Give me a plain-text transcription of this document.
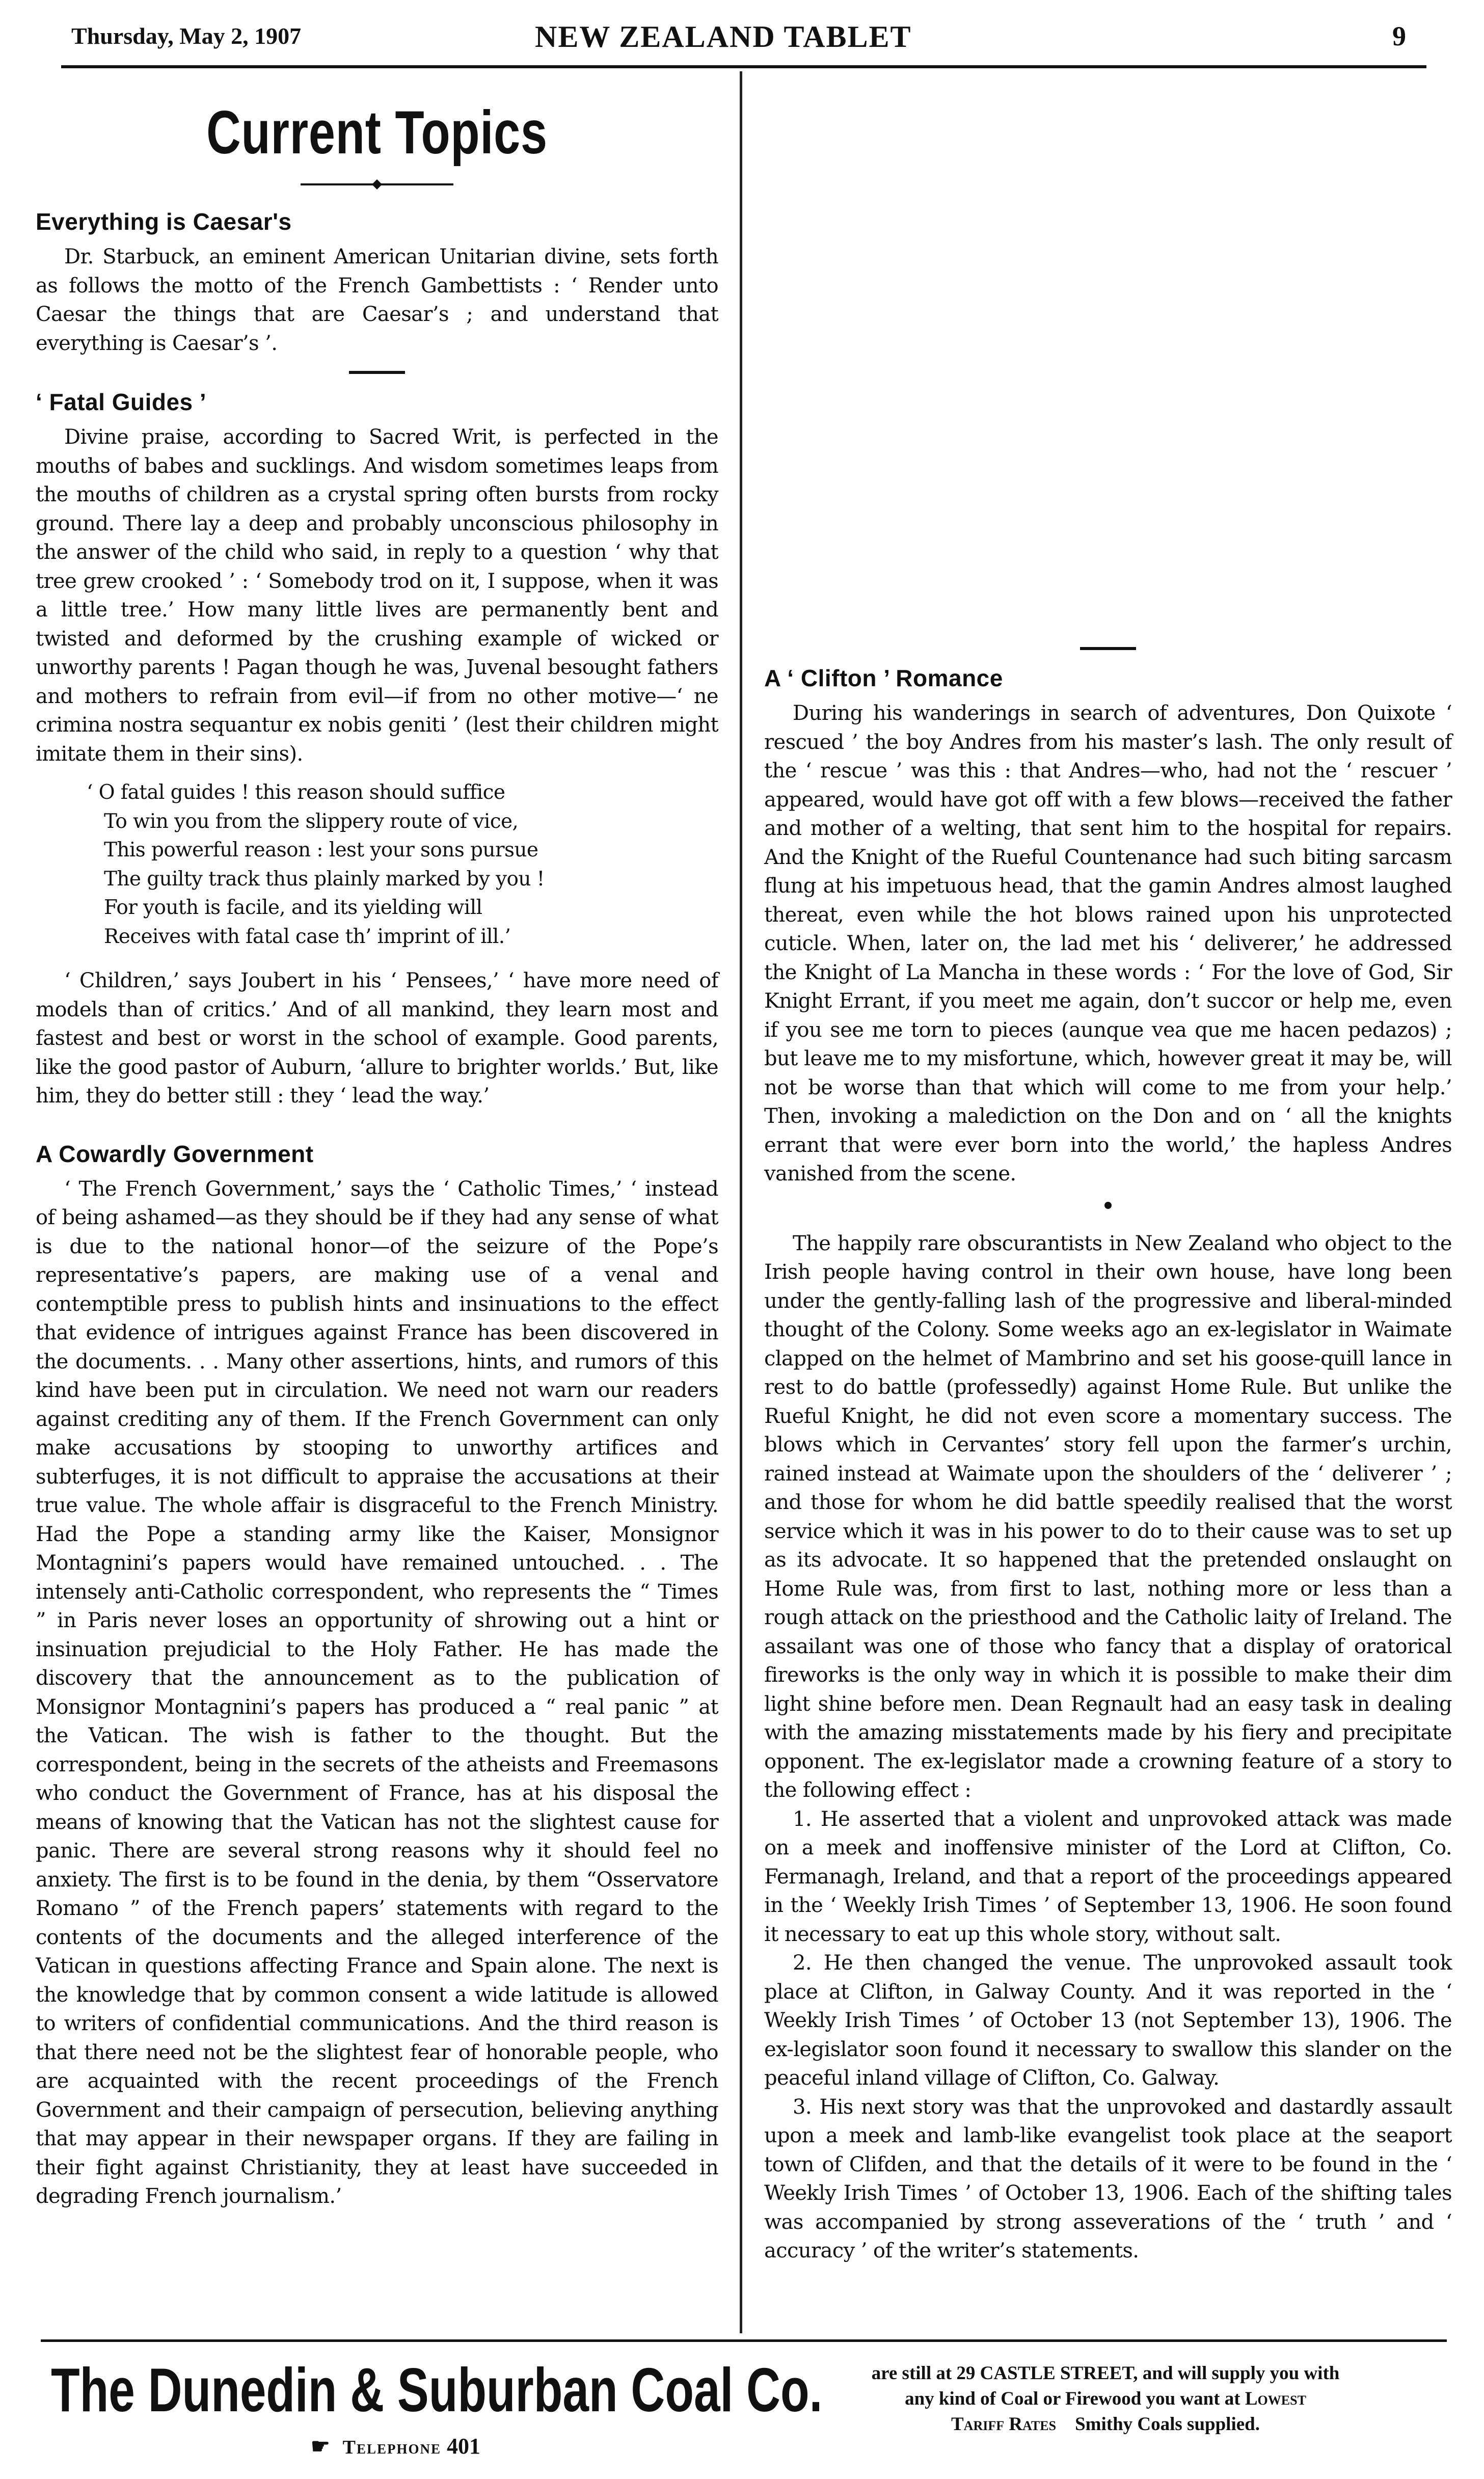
Thursday, May 2, 1907	NEW ZEALAND TABLET	9
Current Topics
Everything is Caesar's

Dr. Starbuck, an eminent American Unitarian divine, sets forth as follows the motto of the French Gambettists : ‘ Render unto Caesar the things that are Caesar’s ; and understand that everything is Caesar’s ’.

‘ Fatal Guides ’

Divine praise, according to Sacred Writ, is perfected in the mouths of babes and sucklings. And wisdom sometimes leaps from the mouths of children as a crystal spring often bursts from rocky ground. There lay a deep and probably unconscious philosophy in the answer of the child who said, in reply to a question ‘ why that tree grew crooked ’ : ‘ Somebody trod on it, I suppose, when it was a little tree.’ How many little lives are permanently bent and twisted and deformed by the crushing example of wicked or unworthy parents ! Pagan though he was, Juvenal besought fathers and mothers to refrain from evil—if from no other motive—‘ ne crimina nostra sequantur ex nobis geniti ’ (lest their children might imitate them in their sins).

‘ O fatal guides ! this reason should suffice
To win you from the slippery route of vice,
This powerful reason : lest your sons pursue
The guilty track thus plainly marked by you !
For youth is facile, and its yielding will
Receives with fatal case th’ imprint of ill.’

‘ Children,’ says Joubert in his ‘ Pensees,’ ‘ have more need of models than of critics.’ And of all mankind, they learn most and fastest and best or worst in the school of example. Good parents, like the good pastor of Auburn, ‘allure to brighter worlds.’ But, like him, they do better still : they ‘ lead the way.’

A Cowardly Government

‘ The French Government,’ says the ‘ Catholic Times,’ ‘ instead of being ashamed—as they should be if they had any sense of what is due to the national honor—of the seizure of the Pope’s representative’s papers, are making use of a venal and contemptible press to publish hints and insinuations to the effect that evidence of intrigues against France has been discovered in the documents. . . Many other assertions, hints, and rumors of this kind have been put in circulation. We need not warn our readers against crediting any of them. If the French Government can only make accusations by stooping to unworthy artifices and subterfuges, it is not difficult to appraise the accusations at their true value. The whole affair is disgraceful to the French Ministry. Had the Pope a standing army like the Kaiser, Monsignor Montagnini’s papers would have remained untouched. . . The intensely anti-Catholic correspondent, who represents the “ Times ” in Paris never loses an opportunity of shrowing out a hint or insinuation prejudicial to the Holy Father. He has made the discovery that the announcement as to the publication of Monsignor Montagnini’s papers has produced a “ real panic ” at the Vatican. The wish is father to the thought. But the correspondent, being in the secrets of the atheists and Freemasons who conduct the Government of France, has at his disposal the means of knowing that the Vatican has not the slightest cause for panic. There are several strong reasons why it should feel no anxiety. The first is to be found in the denia, by them “Osservatore Romano ” of the French papers’ statements with regard to the contents of the documents and the alleged interference of the Vatican in questions affecting France and Spain alone. The next is the knowledge that by common consent a wide latitude is allowed to writers of confidential communications. And the third reason is that there need not be the slightest fear of honorable people, who are acquainted with the recent proceedings of the French Government and their campaign of persecution, believing anything that may appear in their newspaper organs. If they are failing in their fight against Christianity, they at least have succeeded in degrading French journalism.’

A ‘ Clifton ’ Romance

During his wanderings in search of adventures, Don Quixote ‘ rescued ’ the boy Andres from his master’s lash. The only result of the ‘ rescue ’ was this : that Andres—who, had not the ‘ rescuer ’ appeared, would have got off with a few blows—received the father and mother of a welting, that sent him to the hospital for repairs. And the Knight of the Rueful Countenance had such biting sarcasm flung at his impetuous head, that the gamin Andres almost laughed thereat, even while the hot blows rained upon his unprotected cuticle. When, later on, the lad met his ‘ deliverer,’ he addressed the Knight of La Mancha in these words : ‘ For the love of God, Sir Knight Errant, if you meet me again, don’t succor or help me, even if you see me torn to pieces (aunque vea que me hacen pedazos) ; but leave me to my misfortune, which, however great it may be, will not be worse than that which will come to me from your help.’ Then, invoking a malediction on the Don and on ‘ all the knights errant that were ever born into the world,’ the hapless Andres vanished from the scene.

The happily rare obscurantists in New Zealand who object to the Irish people having control in their own house, have long been under the gently-falling lash of the progressive and liberal-minded thought of the Colony. Some weeks ago an ex-legislator in Waimate clapped on the helmet of Mambrino and set his goose-quill lance in rest to do battle (professedly) against Home Rule. But unlike the Rueful Knight, he did not even score a momentary success. The blows which in Cervantes’ story fell upon the farmer’s urchin, rained instead at Waimate upon the shoulders of the ‘ deliverer ’ ; and those for whom he did battle speedily realised that the worst service which it was in his power to do to their cause was to set up as its advocate. It so happened that the pretended onslaught on Home Rule was, from first to last, nothing more or less than a rough attack on the priesthood and the Catholic laity of Ireland. The assailant was one of those who fancy that a display of oratorical fireworks is the only way in which it is possible to make their dim light shine before men. Dean Regnault had an easy task in dealing with the amazing misstatements made by his fiery and precipitate opponent. The ex-legislator made a crowning feature of a story to the following effect :

1. He asserted that a violent and unprovoked attack was made on a meek and inoffensive minister of the Lord at Clifton, Co. Fermanagh, Ireland, and that a report of the proceedings appeared in the ‘ Weekly Irish Times ’ of September 13, 1906. He soon found it necessary to eat up this whole story, without salt.

2. He then changed the venue. The unprovoked assault took place at Clifton, in Galway County. And it was reported in the ‘ Weekly Irish Times ’ of October 13 (not September 13), 1906. The ex-legislator soon found it necessary to swallow this slander on the peaceful inland village of Clifton, Co. Galway.

3. His next story was that the unprovoked and dastardly assault upon a meek and lamb-like evangelist took place at the seaport town of Clifden, and that the details of it were to be found in the ‘ Weekly Irish Times ’ of October 13, 1906. Each of the shifting tales was accompanied by strong asseverations of the ‘ truth ’ and ‘ accuracy ’ of the writer’s statements.

The Dunedin & Suburban Coal Co.
☛ Telephone 401
are still at 29 CASTLE STREET, and will supply you with
any kind of Coal or Firewood you want at Lowest
Tariff Rates Smithy Coals supplied.
